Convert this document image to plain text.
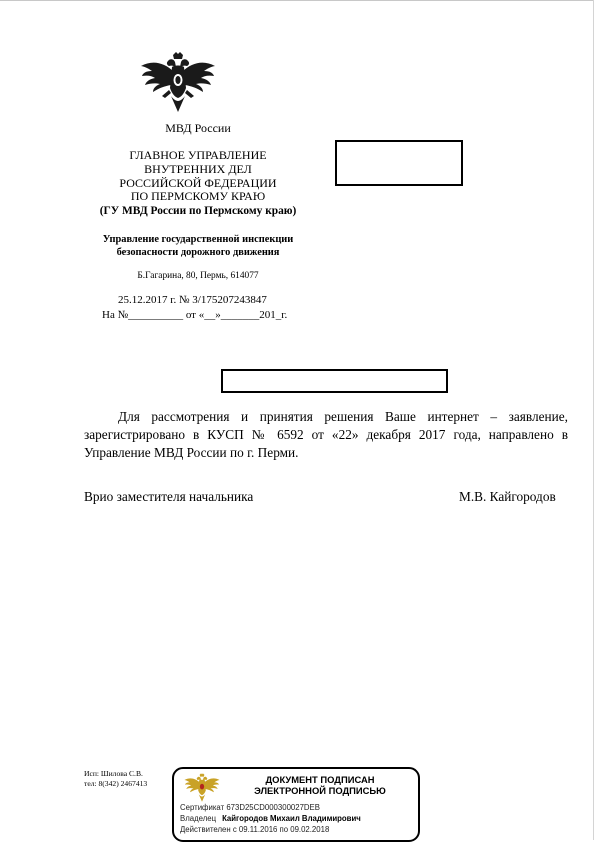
МВД России
ГЛАВНОЕ УПРАВЛЕНИЕ
ВНУТРЕННИХ ДЕЛ
РОССИЙСКОЙ ФЕДЕРАЦИИ
ПО ПЕРМСКОМУ КРАЮ
(ГУ МВД России по Пермскому краю)
Управление государственной инспекции
безопасности дорожного движения
Б.Гагарина, 80, Пермь, 614077
25.12.2017 г. № 3/175207243847
На №__________ от «__»_______201_г.
Для рассмотрения и принятия решения Ваше интернет – заявление, зарегистрировано в КУСП № 6592 от «22» декабря 2017 года, направлено в Управление МВД России по г. Перми.
Врио заместителя начальника	М.В. Кайгородов
Исп: Шилова С.В.
тел: 8(342) 2467413	ДОКУМЕНТ ПОДПИСАН
ЭЛЕКТРОННОЙ ПОДПИСЬЮ
Сертификат 673D25CD000300027DEB
Владелец Кайгородов Михаил Владимирович
Действителен с 09.11.2016 по 09.02.2018
